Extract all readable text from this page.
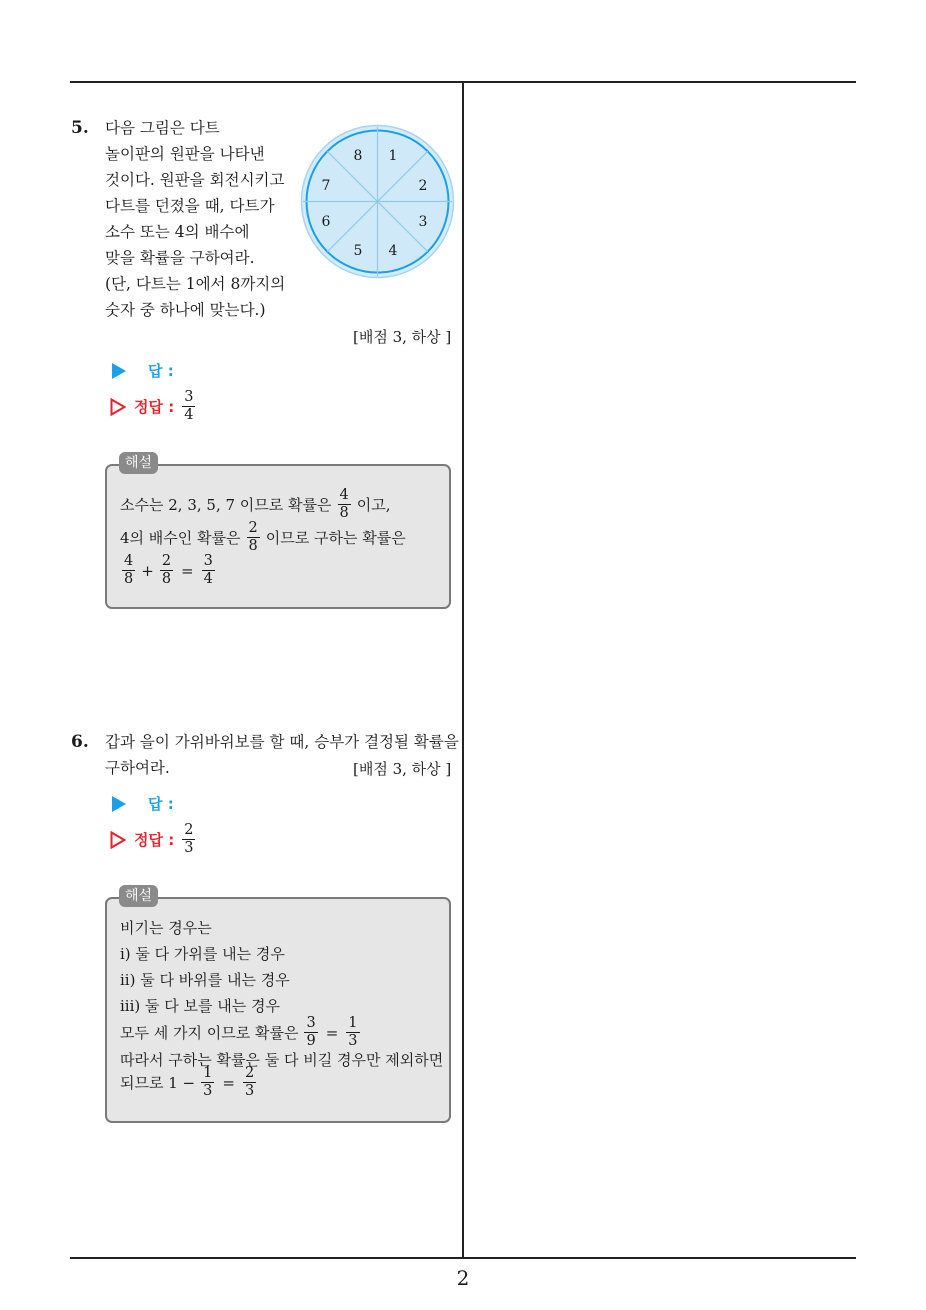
5. 다음 그림은 다트
놀이판의 원판을 나타낸
것이다. 원판을 회전시키고
다트를 던졌을 때, 다트가
소수 또는 4의 배수에
맞을 확률을 구하여라.
(단, 다트는 1에서 8까지의
숫자 중 하나에 맞는다.)
1
2
3
4
5
6
7
8
[배점 3, 하상 ]
답 :
정답 : $\frac{3}{4}$
소수는 2, 3, 5, 7 이므로 확률은 $\frac{4}{8}$ 이고,
4의 배수인 확률은 $\frac{2}{8}$ 이므로 구하는 확률은
$\frac{4}{8} + \frac{2}{8} = \frac{3}{4}$
해설
6. 갑과 을이 가위바위보를 할 때, 승부가 결정될 확률을
구하여라.	[배점 3, 하상 ]
답 :
정답 : $\frac{2}{3}$
비기는 경우는
i) 둘 다 가위를 내는 경우
ii) 둘 다 바위를 내는 경우
iii) 둘 다 보를 내는 경우
모두 세 가지 이므로 확률은 $\frac{3}{9} = \frac{1}{3}$
따라서 구하는 확률은 둘 다 비길 경우만 제외하면
되므로 $1 - \frac{1}{3} = \frac{2}{3}$
해설
2
